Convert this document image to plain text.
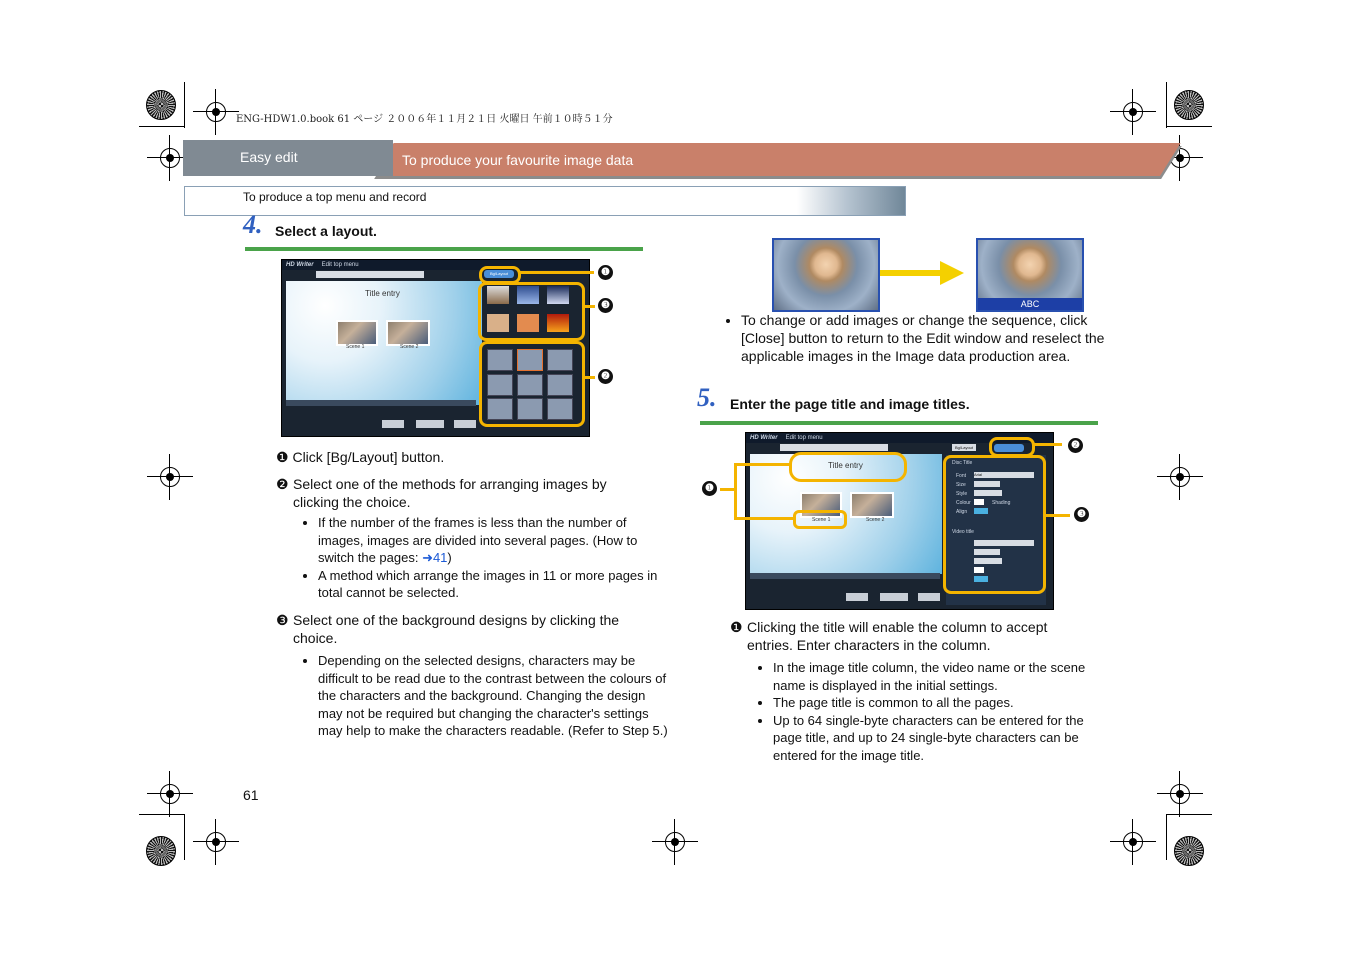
ENG-HDW1.0.book 61 ページ ２００６年１１月２１日 火曜日 午前１０時５１分
Easy edit	To produce your favourite image data
To produce a top menu and record
4. Select a layout.
HD Writer Edit top menu
Title entry
Scene 1	Scene 2
Bg/Layout	❶
❸
❷
❶ Click [Bg/Layout] button.
❷ Select one of the methods for arranging images by clicking the choice.
• If the number of the frames is less than the number of images, images are divided into several pages. (How to switch the pages: ➜41)
• A method which arrange the images in 11 or more pages in total cannot be selected.
❸ Select one of the background designs by clicking the choice.
• Depending on the selected designs, characters may be difficult to be read due to the contrast between the colours of the characters and the background. Changing the design may not be required but changing the character's settings may help to make the characters readable. (Refer to Step 5.)
ABC
• To change or add images or change the sequence, click [Close] button to return to the Edit window and reselect the applicable images in the Image data production area.
5. Enter the page title and image titles.
HD Writer Edit top menu
Bg/Layout
Title entry
Scene 1	Scene 2
Disc Title
Font Arial
Size
Style
Colour	Shading
Align
Video title
❷
❶
❸
❶ Clicking the title will enable the column to accept entries. Enter characters in the column.
• In the image title column, the video name or the scene name is displayed in the initial settings.
• The page title is common to all the pages.
• Up to 64 single-byte characters can be entered for the page title, and up to 24 single-byte characters can be entered for the image title.
61
